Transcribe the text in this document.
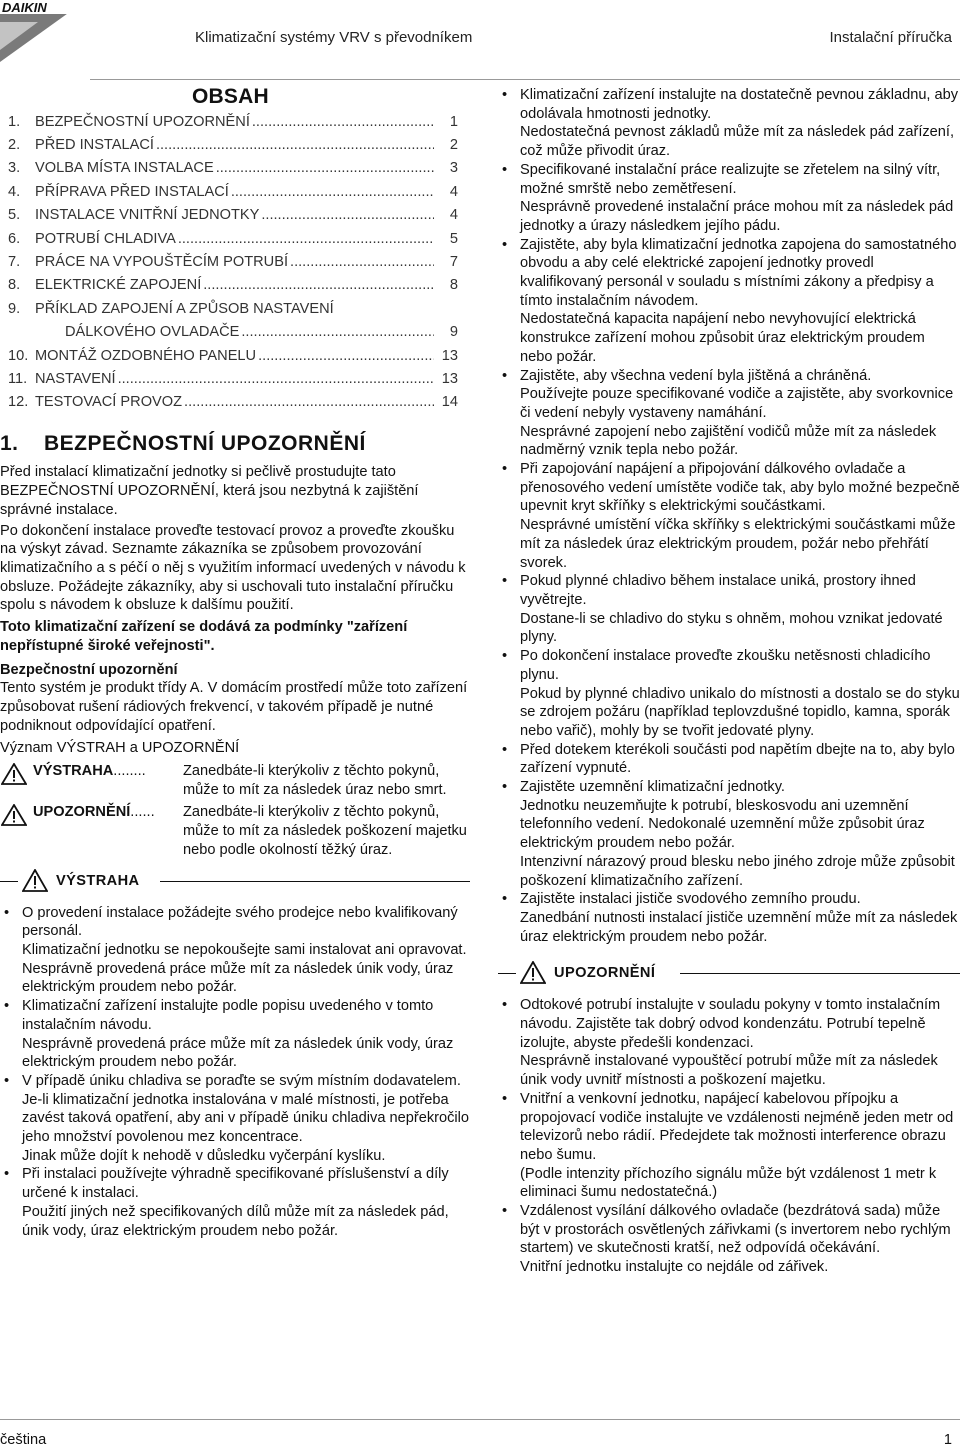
DAIKIN
Klimatizační systémy VRV s převodníkem	Instalační příručka
OBSAH
1.	BEZPEČNOSTNÍ UPOZORNĚNÍ .....	1
2.	PŘED INSTALACÍ .....	2
3.	VOLBA MÍSTA INSTALACE .....	3
4.	PŘÍPRAVA PŘED INSTALACÍ .....	4
5.	INSTALACE VNITŘNÍ JEDNOTKY .....	4
6.	POTRUBÍ CHLADIVA .....	5
7.	PRÁCE NA VYPOUŠTĚCÍM POTRUBÍ .....	7
8.	ELEKTRICKÉ ZAPOJENÍ .....	8
9.	PŘÍKLAD ZAPOJENÍ A ZPŮSOB NASTAVENÍ
DÁLKOVÉHO OVLADAČE .....	9
10. MONTÁŽ OZDOBNÉHO PANELU .....	13
11. NASTAVENÍ .....	13
12. TESTOVACÍ PROVOZ .....	14
1. BEZPEČNOSTNÍ UPOZORNĚNÍ

Před instalací klimatizační jednotky si pečlivě prostudujte tato BEZPEČNOSTNÍ UPOZORNĚNÍ, která jsou nezbytná k zajištění správné instalace.

Po dokončení instalace proveďte testovací provoz a proveďte zkoušku na výskyt závad. Seznamte zákazníka se způsobem provozování klimatizačního a s péčí o něj s využitím informací uvedených v návodu k obsluze. Požádejte zákazníky, aby si uschovali tuto instalační příručku spolu s návodem k obsluze k dalšímu použití.

Toto klimatizační zařízení se dodává za podmínky "zařízení nepřístupné široké veřejnosti".

Bezpečnostní upozornění

Tento systém je produkt třídy A. V domácím prostředí může toto zařízení způsobovat rušení rádiových frekvencí, v takovém případě je nutné podniknout odpovídající opatření.

Význam VÝSTRAH a UPOZORNĚNÍ

VÝSTRAHA........	Zanedbáte-li kterýkoliv z těchto pokynů, může to mít za následek úraz nebo smrt.
UPOZORNĚNÍ......	Zanedbáte-li kterýkoliv z těchto pokynů, může to mít za následek poškození majetku nebo podle okolností těžký úraz.
VÝSTRAHA
• O provedení instalace požádejte svého prodejce nebo kvalifikovaný personál.
Klimatizační jednotku se nepokoušejte sami instalovat ani opravovat. Nesprávně provedená práce může mít za následek únik vody, úraz elektrickým proudem nebo požár.
• Klimatizační zařízení instalujte podle popisu uvedeného v tomto instalačním návodu.
Nesprávně provedená práce může mít za následek únik vody, úraz elektrickým proudem nebo požár.
• V případě úniku chladiva se poraďte se svým místním dodavatelem. Je-li klimatizační jednotka instalována v malé místnosti, je potřeba zavést taková opatření, aby ani v případě úniku chladiva nepřekročilo jeho množství povolenou mez koncentrace.
Jinak může dojít k nehodě v důsledku vyčerpání kyslíku.
• Při instalaci používejte výhradně specifikované příslušenství a díly určené k instalaci.
Použití jiných než specifikovaných dílů může mít za následek pád, únik vody, úraz elektrickým proudem nebo požár.
• Klimatizační zařízení instalujte na dostatečně pevnou základnu, aby odolávala hmotnosti jednotky.
Nedostatečná pevnost základů může mít za následek pád zařízení, což může přivodit úraz.
• Specifikované instalační práce realizujte se zřetelem na silný vítr, možné smrště nebo zemětřesení.
Nesprávně provedené instalační práce mohou mít za následek pád jednotky a úrazy následkem jejího pádu.
• Zajistěte, aby byla klimatizační jednotka zapojena do samostatného obvodu a aby celé elektrické zapojení jednotky provedl kvalifikovaný personál v souladu s místními zákony a předpisy a tímto instalačním návodem.
Nedostatečná kapacita napájení nebo nevyhovující elektrická konstrukce zařízení mohou způsobit úraz elektrickým proudem nebo požár.
• Zajistěte, aby všechna vedení byla jištěná a chráněná.
Používejte pouze specifikované vodiče a zajistěte, aby svorkovnice či vedení nebyly vystaveny namáhání.
Nesprávné zapojení nebo zajištění vodičů může mít za následek nadměrný vznik tepla nebo požár.
• Při zapojování napájení a připojování dálkového ovladače a přenosového vedení umístěte vodiče tak, aby bylo možné bezpečně upevnit kryt skříňky s elektrickými součástkami.
Nesprávné umístění víčka skříňky s elektrickými součástkami může mít za následek úraz elektrickým proudem, požár nebo přehřátí svorek.
• Pokud plynné chladivo během instalace uniká, prostory ihned vyvětrejte.
Dostane-li se chladivo do styku s ohněm, mohou vznikat jedovaté plyny.
• Po dokončení instalace proveďte zkoušku netěsnosti chladicího plynu.
Pokud by plynné chladivo unikalo do místnosti a dostalo se do styku se zdrojem požáru (například teplovzdušné topidlo, kamna, sporák nebo vařič), mohly by se tvořit jedovaté plyny.
• Před dotekem kterékoli součásti pod napětím dbejte na to, aby bylo zařízení vypnuté.
• Zajistěte uzemnění klimatizační jednotky.
Jednotku neuzemňujte k potrubí, bleskosvodu ani uzemnění telefonního vedení. Nedokonalé uzemnění může způsobit úraz elektrickým proudem nebo požár.
Intenzivní nárazový proud blesku nebo jiného zdroje může způsobit poškození klimatizačního zařízení.
• Zajistěte instalaci jističe svodového zemního proudu.
Zanedbání nutnosti instalací jističe uzemnění může mít za následek úraz elektrickým proudem nebo požár.
UPOZORNĚNÍ
• Odtokové potrubí instalujte v souladu pokyny v tomto instalačním návodu. Zajistěte tak dobrý odvod kondenzátu. Potrubí tepelně izolujte, abyste předešli kondenzaci.
Nesprávně instalované vypouštěcí potrubí může mít za následek únik vody uvnitř místnosti a poškození majetku.
• Vnitřní a venkovní jednotku, napájecí kabelovou přípojku a propojovací vodiče instalujte ve vzdálenosti nejméně jeden metr od televizorů nebo rádií. Předejdete tak možnosti interference obrazu nebo šumu.
(Podle intenzity příchozího signálu může být vzdálenost 1 metr k eliminaci šumu nedostatečná.)
• Vzdálenost vysílání dálkového ovladače (bezdrátová sada) může být v prostorách osvětlených zářivkami (s invertorem nebo rychlým startem) ve skutečnosti kratší, než odpovídá očekávání.
Vnitřní jednotku instalujte co nejdále od zářivek.
čeština	1
